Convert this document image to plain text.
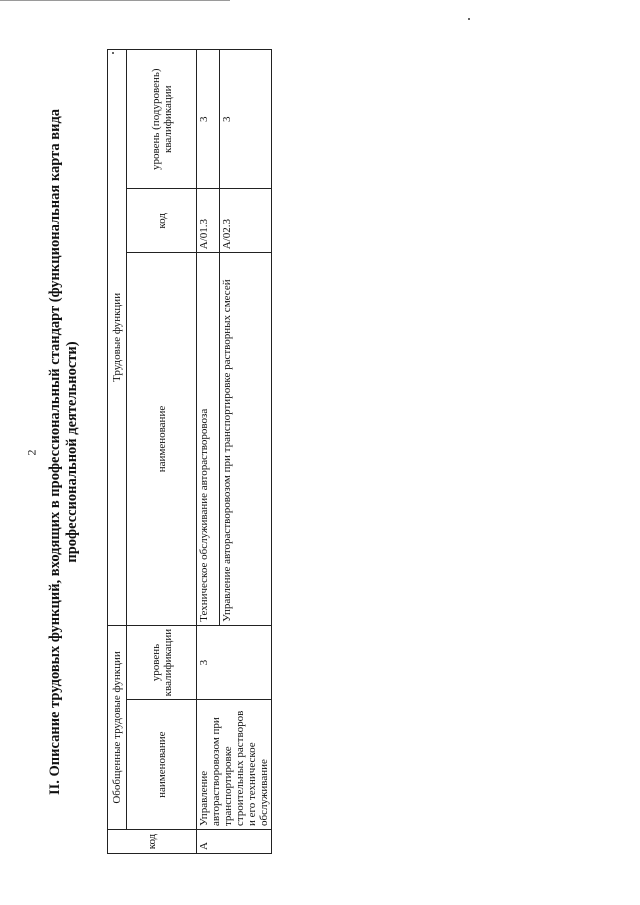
2 II. Описание трудовых функций, входящих в профессиональный стандарт (функциональная карта вида профессиональной деятельности)

код	Обобщенные трудовые функции		Трудовые функции		
	наименование	уровень квалификации	наименование	код	уровень (подуровень) квалификации
А	Управление авторастворовозом при транспортировке строительных растворов и его техническое обслуживание	3	Техническое обслуживание авторастворовоза	A/01.3	3
			Управление авторастворовозом при транспортировке растворных смесей	A/02.3	3
